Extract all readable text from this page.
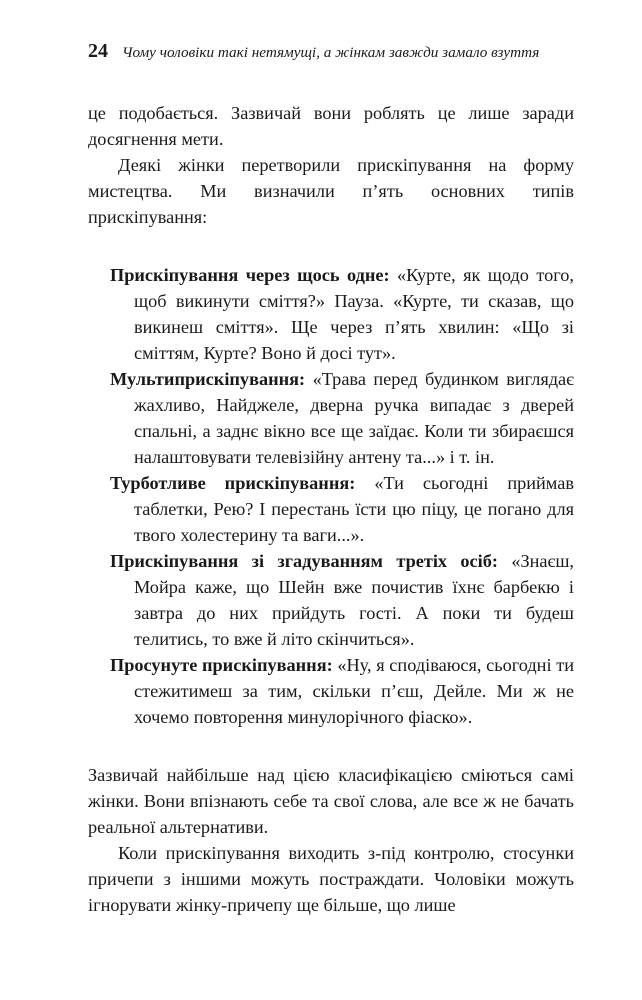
24 Чому чоловіки такі нетямущі, а жінкам завжди замало взуття

це подобається. Зазвичай вони роблять це лише заради досягнення мети.

Деякі жінки перетворили прискіпування на форму мистецтва. Ми визначили п’ять основних типів прискіпування:

Прискіпування через щось одне: «Курте, як щодо того, щоб викинути сміття?» Пауза. «Курте, ти сказав, що викинеш сміття». Ще через п’ять хвилин: «Що зі сміттям, Курте? Воно й досі тут».

Мультиприскіпування: «Трава перед будинком виглядає жахливо, Найджеле, дверна ручка випадає з дверей спальні, а заднє вікно все ще заїдає. Коли ти збираєшся налаштовувати телевізійну антену та...» і т. ін.

Турботливе прискіпування: «Ти сьогодні приймав таблетки, Рею? І перестань їсти цю піцу, це погано для твого холестерину та ваги...».

Прискіпування зі згадуванням третіх осіб: «Знаєш, Мойра каже, що Шейн вже почистив їхнє барбекю і завтра до них прийдуть гості. А поки ти будеш телитись, то вже й літо скінчиться».

Просунуте прискіпування: «Ну, я сподіваюся, сьогодні ти стежитимеш за тим, скільки п’єш, Дейле. Ми ж не хочемо повторення минулорічного фіаско».

Зазвичай найбільше над цією класифікацією сміються самі жінки. Вони впізнають себе та свої слова, але все ж не бачать реальної альтернативи.

Коли прискіпування виходить з-під контролю, стосунки причепи з іншими можуть постраждати. Чоловіки можуть ігнорувати жінку-причепу ще більше, що лише
